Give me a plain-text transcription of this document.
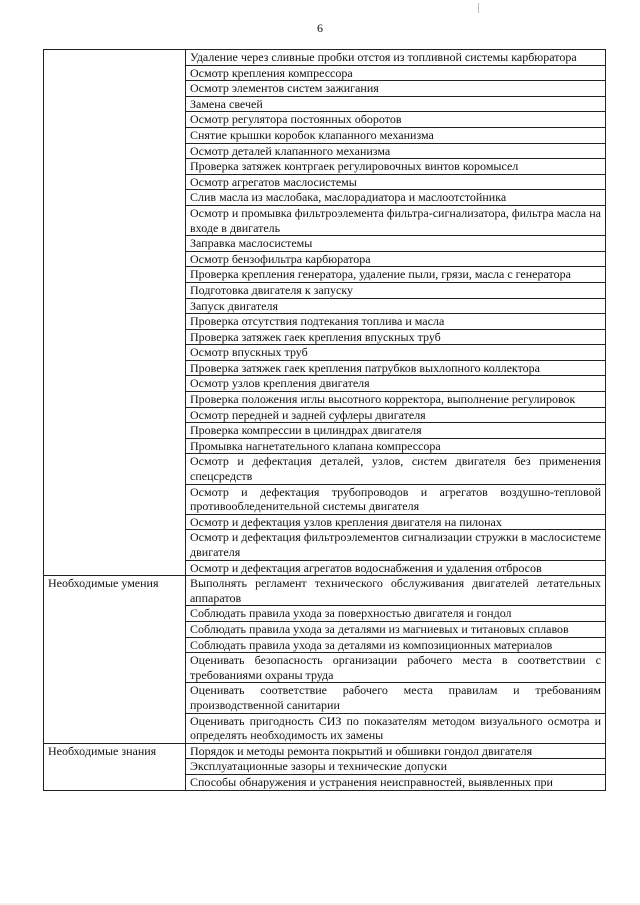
6
	Удаление через сливные пробки отстоя из топливной системы карбюратора
	Осмотр крепления компрессора
	Осмотр элементов систем зажигания
	Замена свечей
	Осмотр регулятора постоянных оборотов
	Снятие крышки коробок клапанного механизма
	Осмотр деталей клапанного механизма
	Проверка затяжек контргаек регулировочных винтов коромысел
	Осмотр агрегатов маслосистемы
	Слив масла из маслобака, маслорадиатора и маслоотстойника
	Осмотр и промывка фильтроэлемента фильтра-сигнализатора, фильтра масла на входе в двигатель
	Заправка маслосистемы
	Осмотр бензофильтра карбюратора
	Проверка крепления генератора, удаление пыли, грязи, масла с генератора
	Подготовка двигателя к запуску
	Запуск двигателя
	Проверка отсутствия подтекания топлива и масла
	Проверка затяжек гаек крепления впускных труб
	Осмотр впускных труб
	Проверка затяжек гаек крепления патрубков выхлопного коллектора
	Осмотр узлов крепления двигателя
	Проверка положения иглы высотного корректора, выполнение регулировок
	Осмотр передней и задней суфлеры двигателя
	Проверка компрессии в цилиндрах двигателя
	Промывка нагнетательного клапана компрессора
	Осмотр и дефектация деталей, узлов, систем двигателя без применения спецсредств
	Осмотр и дефектация трубопроводов и агрегатов воздушно-тепловой противообледенительной системы двигателя
	Осмотр и дефектация узлов крепления двигателя на пилонах
	Осмотр и дефектация фильтроэлементов сигнализации стружки в маслосистеме двигателя
	Осмотр и дефектация агрегатов водоснабжения и удаления отбросов
Необходимые умения	Выполнять регламент технического обслуживания двигателей летательных аппаратов
	Соблюдать правила ухода за поверхностью двигателя и гондол
	Соблюдать правила ухода за деталями из магниевых и титановых сплавов
	Соблюдать правила ухода за деталями из композиционных материалов
	Оценивать безопасность организации рабочего места в соответствии с требованиями охраны труда
	Оценивать соответствие рабочего места правилам и требованиям производственной санитарии
	Оценивать пригодность СИЗ по показателям методом визуального осмотра и определять необходимость их замены
Необходимые знания	Порядок и методы ремонта покрытий и обшивки гондол двигателя
	Эксплуатационные зазоры и технические допуски
	Способы обнаружения и устранения неисправностей, выявленных при
